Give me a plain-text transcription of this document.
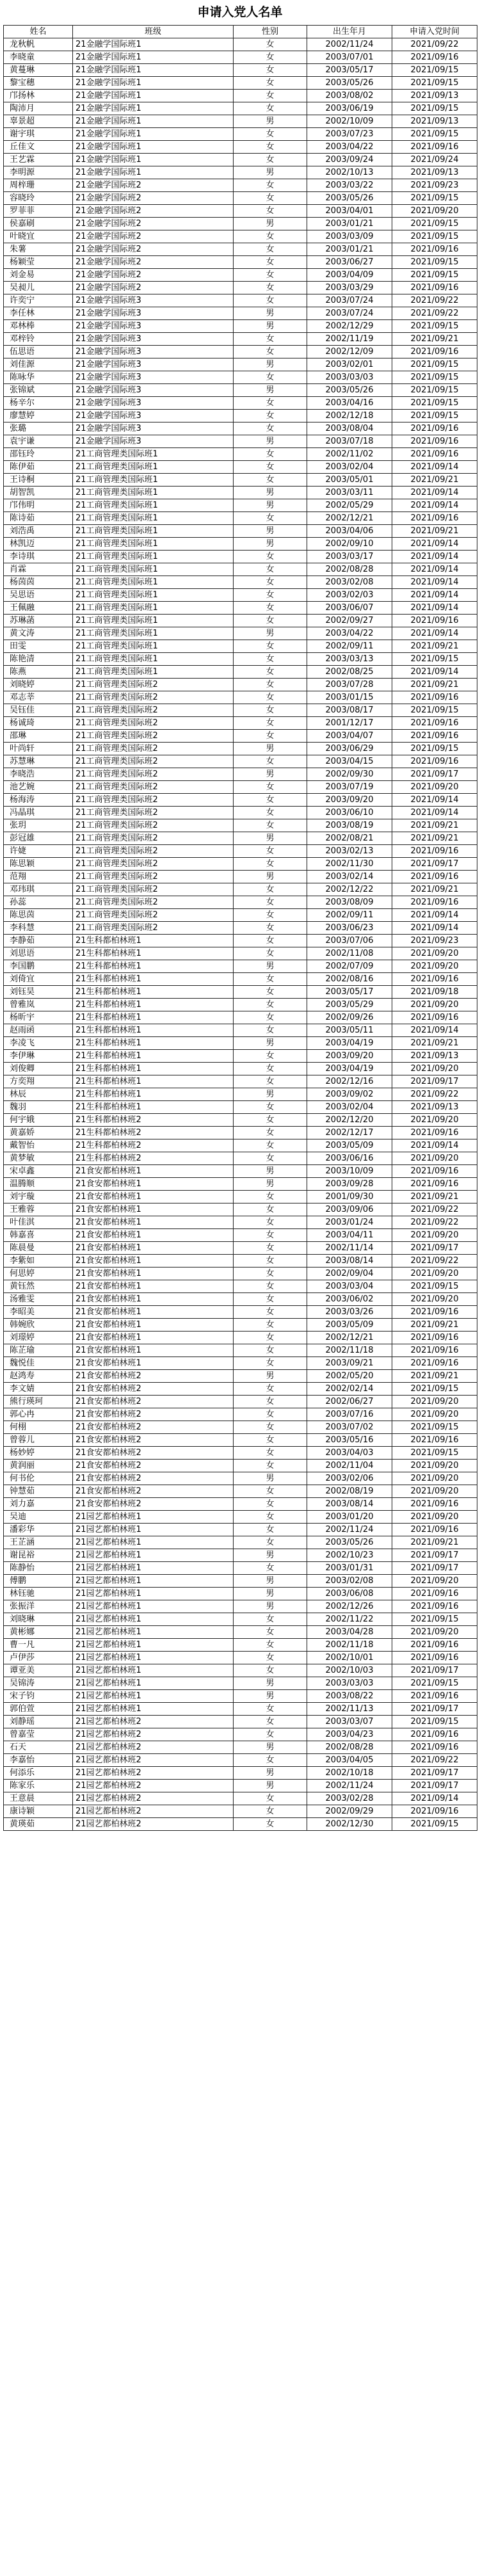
申请入党人名单
姓名	班级	性别	出生年月	申请入党时间
龙秋帆	21金融学国际班1	女	2002/11/24	2021/09/22
李晓童	21金融学国际班1	女	2003/07/01	2021/09/16
黄蔓琳	21金融学国际班1	女	2003/05/17	2021/09/15
黎宝穗	21金融学国际班1	女	2003/05/26	2021/09/15
邝扬林	21金融学国际班1	女	2003/08/02	2021/09/13
陶沛月	21金融学国际班1	女	2003/06/19	2021/09/15
辜景超	21金融学国际班1	男	2002/10/09	2021/09/13
谢宇琪	21金融学国际班1	女	2003/07/23	2021/09/15
丘佳文	21金融学国际班1	女	2003/04/22	2021/09/16
王艺霖	21金融学国际班1	女	2003/09/24	2021/09/24
李明源	21金融学国际班1	男	2002/10/13	2021/09/13
周梓珊	21金融学国际班2	女	2003/03/22	2021/09/23
容晓玲	21金融学国际班2	女	2003/05/26	2021/09/15
罗菲菲	21金融学国际班2	女	2003/04/01	2021/09/20
侯嘉刷	21金融学国际班2	男	2003/01/21	2021/09/15
叶晓宜	21金融学国际班2	女	2003/03/09	2021/09/15
朱薯	21金融学国际班2	女	2003/01/21	2021/09/16
杨颖莹	21金融学国际班2	女	2003/06/27	2021/09/15
刘金易	21金融学国际班2	女	2003/04/09	2021/09/15
吴昶儿	21金融学国际班2	女	2003/03/29	2021/09/16
许奕宁	21金融学国际班3	女	2003/07/24	2021/09/22
李任林	21金融学国际班3	男	2003/07/24	2021/09/22
邓林棒	21金融学国际班3	男	2002/12/29	2021/09/15
邓梓铃	21金融学国际班3	女	2002/11/19	2021/09/21
伍思语	21金融学国际班3	女	2002/12/09	2021/09/16
刘佳源	21金融学国际班3	男	2003/02/01	2021/09/15
陈咏华	21金融学国际班3	女	2003/03/03	2021/09/15
张锦斌	21金融学国际班3	男	2003/05/26	2021/09/15
杨辛尔	21金融学国际班3	女	2003/04/16	2021/09/15
廖慧婷	21金融学国际班3	女	2002/12/18	2021/09/15
张璐	21金融学国际班3	女	2003/08/04	2021/09/16
袁宇谦	21金融学国际班3	男	2003/07/18	2021/09/16
邵钰玲	21工商管理类国际班1	女	2002/11/02	2021/09/16
陈伊茹	21工商管理类国际班1	女	2003/02/04	2021/09/14
王诗桐	21工商管理类国际班1	女	2003/05/01	2021/09/21
胡智凯	21工商管理类国际班1	男	2003/03/11	2021/09/14
邝伟明	21工商管理类国际班1	男	2002/05/29	2021/09/14
陈诗茹	21工商管理类国际班1	女	2002/12/21	2021/09/16
刘浩禹	21工商管理类国际班1	男	2003/04/06	2021/09/21
林凯迈	21工商管理类国际班1	男	2002/09/10	2021/09/14
李诗琪	21工商管理类国际班1	女	2003/03/17	2021/09/14
肖霖	21工商管理类国际班1	女	2002/08/28	2021/09/14
杨茵茵	21工商管理类国际班1	女	2003/02/08	2021/09/14
吴思语	21工商管理类国际班1	女	2003/02/03	2021/09/14
王佩融	21工商管理类国际班1	女	2003/06/07	2021/09/14
苏琳菡	21工商管理类国际班1	女	2002/09/27	2021/09/16
黄文涛	21工商管理类国际班1	男	2003/04/22	2021/09/14
田雯	21工商管理类国际班1	女	2002/09/11	2021/09/21
陈艳清	21工商管理类国际班1	女	2003/03/13	2021/09/15
陈燕	21工商管理类国际班1	女	2002/08/25	2021/09/14
刘晓婷	21工商管理类国际班2	女	2003/07/28	2021/09/21
邓志莘	21工商管理类国际班2	女	2003/01/15	2021/09/16
吴钰佳	21工商管理类国际班2	女	2003/08/17	2021/09/15
杨诚琦	21工商管理类国际班2	女	2001/12/17	2021/09/16
邵琳	21工商管理类国际班2	女	2003/04/07	2021/09/16
叶尚轩	21工商管理类国际班2	男	2003/06/29	2021/09/15
苏慧琳	21工商管理类国际班2	女	2003/04/15	2021/09/16
李晓浩	21工商管理类国际班2	男	2002/09/30	2021/09/17
池艺婉	21工商管理类国际班2	女	2003/07/19	2021/09/20
杨海涛	21工商管理类国际班2	女	2003/09/20	2021/09/14
冯晶琪	21工商管理类国际班2	女	2003/06/10	2021/09/14
张玥	21工商管理类国际班2	女	2003/08/19	2021/09/21
彭冠雄	21工商管理类国际班2	男	2002/08/21	2021/09/21
许婕	21工商管理类国际班2	女	2003/02/13	2021/09/16
陈思颖	21工商管理类国际班2	女	2002/11/30	2021/09/17
范翔	21工商管理类国际班2	男	2003/02/14	2021/09/16
邓玮琪	21工商管理类国际班2	女	2002/12/22	2021/09/21
孙蕊	21工商管理类国际班2	女	2003/08/09	2021/09/16
陈思茵	21工商管理类国际班2	女	2002/09/11	2021/09/14
李科慧	21工商管理类国际班2	女	2003/06/23	2021/09/14
李静茹	21生科都柏林班1	女	2003/07/06	2021/09/23
刘思语	21生科都柏林班1	女	2002/11/08	2021/09/20
李国鹏	21生科都柏林班1	男	2002/07/09	2021/09/20
刘倚宜	21生科都柏林班1	女	2002/08/16	2021/09/16
刘钰昊	21生科都柏林班1	女	2003/05/17	2021/09/18
曾雅岚	21生科都柏林班1	女	2003/05/29	2021/09/20
杨昕宇	21生科都柏林班1	女	2002/09/26	2021/09/16
赵雨函	21生科都柏林班1	女	2003/05/11	2021/09/14
李凌飞	21生科都柏林班1	男	2003/04/19	2021/09/21
李伊琳	21生科都柏林班1	女	2003/09/20	2021/09/13
刘俊卿	21生科都柏林班1	女	2003/04/19	2021/09/20
方奕翔	21生科都柏林班1	女	2002/12/16	2021/09/17
林辰	21生科都柏林班1	男	2003/09/02	2021/09/22
魏羽	21生科都柏林班1	女	2003/02/04	2021/09/13
何宇娥	21生科都柏林班2	女	2002/12/20	2021/09/20
黄嘉娇	21生科都柏林班2	女	2002/12/17	2021/09/16
戴智怡	21生科都柏林班2	女	2003/05/09	2021/09/14
黄梦敏	21生科都柏林班2	女	2003/06/16	2021/09/20
宋卓鑫	21食安都柏林班1	男	2003/10/09	2021/09/16
温腾顺	21食安都柏林班1	男	2003/09/28	2021/09/16
刘宇璇	21食安都柏林班1	女	2001/09/30	2021/09/21
王雅蓉	21食安都柏林班1	女	2003/09/06	2021/09/22
叶佳淇	21食安都柏林班1	女	2003/01/24	2021/09/22
韩嘉喜	21食安都柏林班1	女	2003/04/11	2021/09/20
陈晨曼	21食安都柏林班1	女	2002/11/14	2021/09/17
李紫如	21食安都柏林班1	女	2003/08/14	2021/09/22
何思婷	21食安都柏林班1	女	2002/09/04	2021/09/20
黄钰然	21食安都柏林班1	女	2003/03/04	2021/09/15
汤雅雯	21食安都柏林班1	女	2003/06/02	2021/09/20
李昭美	21食安都柏林班1	女	2003/03/26	2021/09/16
韩婉欣	21食安都柏林班1	女	2003/05/09	2021/09/21
刘璟婷	21食安都柏林班1	女	2002/12/21	2021/09/16
陈芷瑜	21食安都柏林班1	女	2002/11/18	2021/09/16
魏悦佳	21食安都柏林班1	女	2003/09/21	2021/09/16
赵鸿寿	21食安都柏林班2	男	2002/05/20	2021/09/21
李文婧	21食安都柏林班2	女	2002/02/14	2021/09/15
熊行瑛珂	21食安都柏林班2	女	2002/06/27	2021/09/20
郭心冉	21食安都柏林班2	女	2003/07/16	2021/09/20
何栩	21食安都柏林班2	女	2003/07/02	2021/09/15
曾蓉儿	21食安都柏林班2	女	2003/05/16	2021/09/16
杨妙婷	21食安都柏林班2	女	2003/04/03	2021/09/15
黄润丽	21食安都柏林班2	女	2002/11/04	2021/09/20
何书伦	21食安都柏林班2	男	2003/02/06	2021/09/20
钟慧茹	21食安都柏林班2	女	2002/08/19	2021/09/20
刘力嘉	21食安都柏林班2	女	2003/08/14	2021/09/16
吴迪	21园艺都柏林班1	女	2003/01/20	2021/09/20
潘彩华	21园艺都柏林班1	女	2002/11/24	2021/09/16
王芷涵	21园艺都柏林班1	女	2003/05/26	2021/09/21
谢昆裕	21园艺都柏林班1	男	2002/10/23	2021/09/17
陈静怡	21园艺都柏林班1	女	2003/01/31	2021/09/17
傅鹏	21园艺都柏林班1	男	2003/02/08	2021/09/20
林钰驰	21园艺都柏林班1	男	2003/06/08	2021/09/16
张振洋	21园艺都柏林班1	男	2002/12/26	2021/09/16
刘晓琳	21园艺都柏林班1	女	2002/11/22	2021/09/15
黄彬娜	21园艺都柏林班1	女	2003/04/28	2021/09/20
曹一凡	21园艺都柏林班1	女	2002/11/18	2021/09/16
卢伊莎	21园艺都柏林班1	女	2002/10/01	2021/09/16
谭亚美	21园艺都柏林班1	女	2002/10/03	2021/09/17
吴锦涛	21园艺都柏林班1	男	2003/03/03	2021/09/15
宋子钧	21园艺都柏林班1	男	2003/08/22	2021/09/16
郭伯萱	21园艺都柏林班1	女	2002/11/13	2021/09/17
刘静瑶	21园艺都柏林班2	女	2003/03/07	2021/09/15
曾嘉莹	21园艺都柏林班2	女	2003/04/23	2021/09/16
石天	21园艺都柏林班2	男	2002/08/28	2021/09/16
李嘉怡	21园艺都柏林班2	女	2003/04/05	2021/09/22
何添乐	21园艺都柏林班2	男	2002/10/18	2021/09/17
陈家乐	21园艺都柏林班2	男	2002/11/24	2021/09/17
王意晨	21园艺都柏林班2	女	2003/02/28	2021/09/14
康诗颖	21园艺都柏林班2	女	2002/09/29	2021/09/16
黄瑛茹	21园艺都柏林班2	女	2002/12/30	2021/09/15
